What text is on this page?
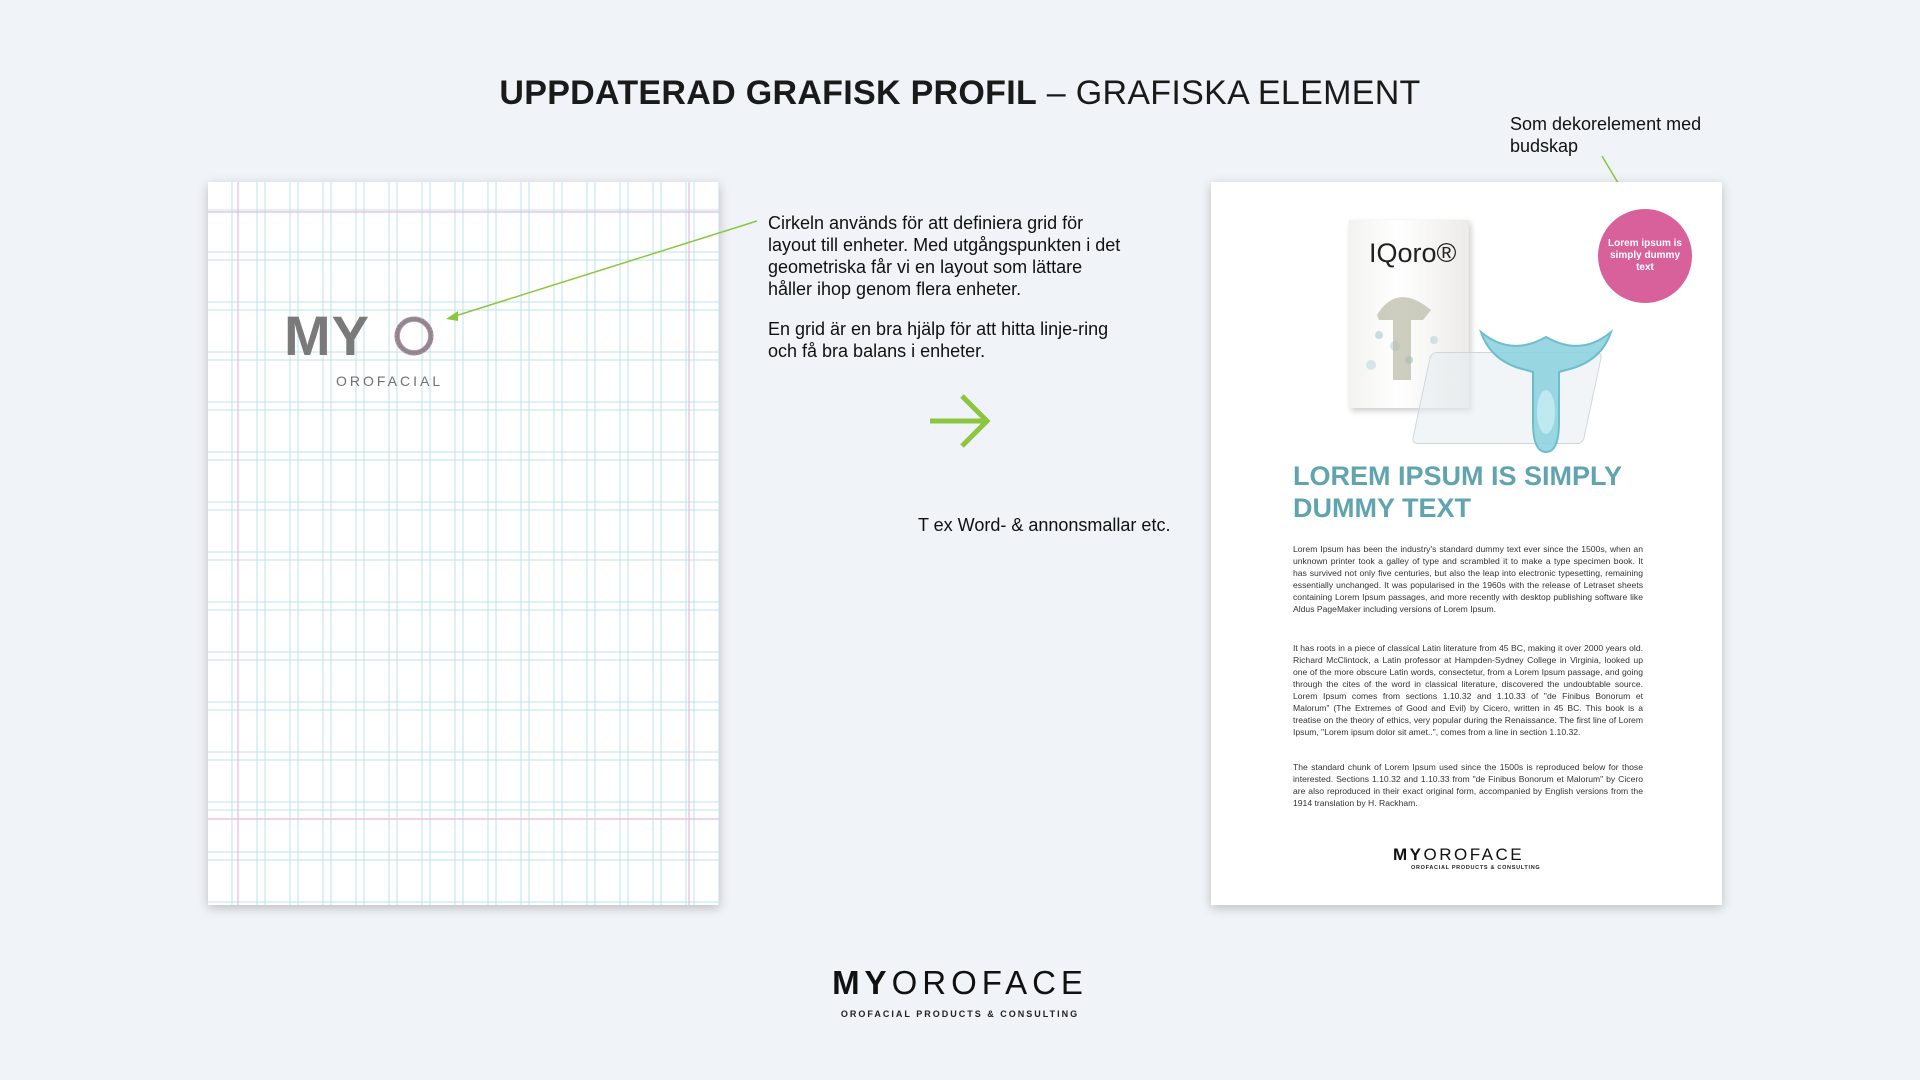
UPPDATERAD GRAFISK PROFIL – GRAFISKA ELEMENT
MY
OROFACIAL
Cirkeln används för att definiera grid för layout till enheter. Med utgångspunkten i det geometriska får vi en layout som lättare håller ihop genom flera enheter.
En grid är en bra hjälp för att hitta linje-ring och få bra balans i enheter.
T ex Word- & annonsmallar etc.
Som dekorelement med budskap
IQoro®	Lorem ipsum is simply dummy text
LOREM IPSUM IS SIMPLY DUMMY TEXT
Lorem Ipsum has been the industry's standard dummy text ever since the 1500s, when an unknown printer took a galley of type and scrambled it to make a type specimen book. It has survived not only five centuries, but also the leap into electronic typesetting, remaining essentially unchanged. It was popularised in the 1960s with the release of Letraset sheets containing Lorem Ipsum passages, and more recently with desktop publishing software like Aldus PageMaker including versions of Lorem Ipsum.
It has roots in a piece of classical Latin literature from 45 BC, making it over 2000 years old. Richard McClintock, a Latin professor at Hampden-Sydney College in Virginia, looked up one of the more obscure Latin words, consectetur, from a Lorem Ipsum passage, and going through the cites of the word in classical literature, discovered the undoubtable source. Lorem Ipsum comes from sections 1.10.32 and 1.10.33 of "de Finibus Bonorum et Malorum" (The Extremes of Good and Evil) by Cicero, written in 45 BC. This book is a treatise on the theory of ethics, very popular during the Renaissance. The first line of Lorem Ipsum, "Lorem ipsum dolor sit amet..", comes from a line in section 1.10.32.
The standard chunk of Lorem Ipsum used since the 1500s is reproduced below for those interested. Sections 1.10.32 and 1.10.33 from "de Finibus Bonorum et Malorum" by Cicero are also reproduced in their exact original form, accompanied by English versions from the 1914 translation by H. Rackham.
MYOROFACE
OROFACIAL PRODUCTS & CONSULTING
MYOROFACE
OROFACIAL PRODUCTS & CONSULTING
